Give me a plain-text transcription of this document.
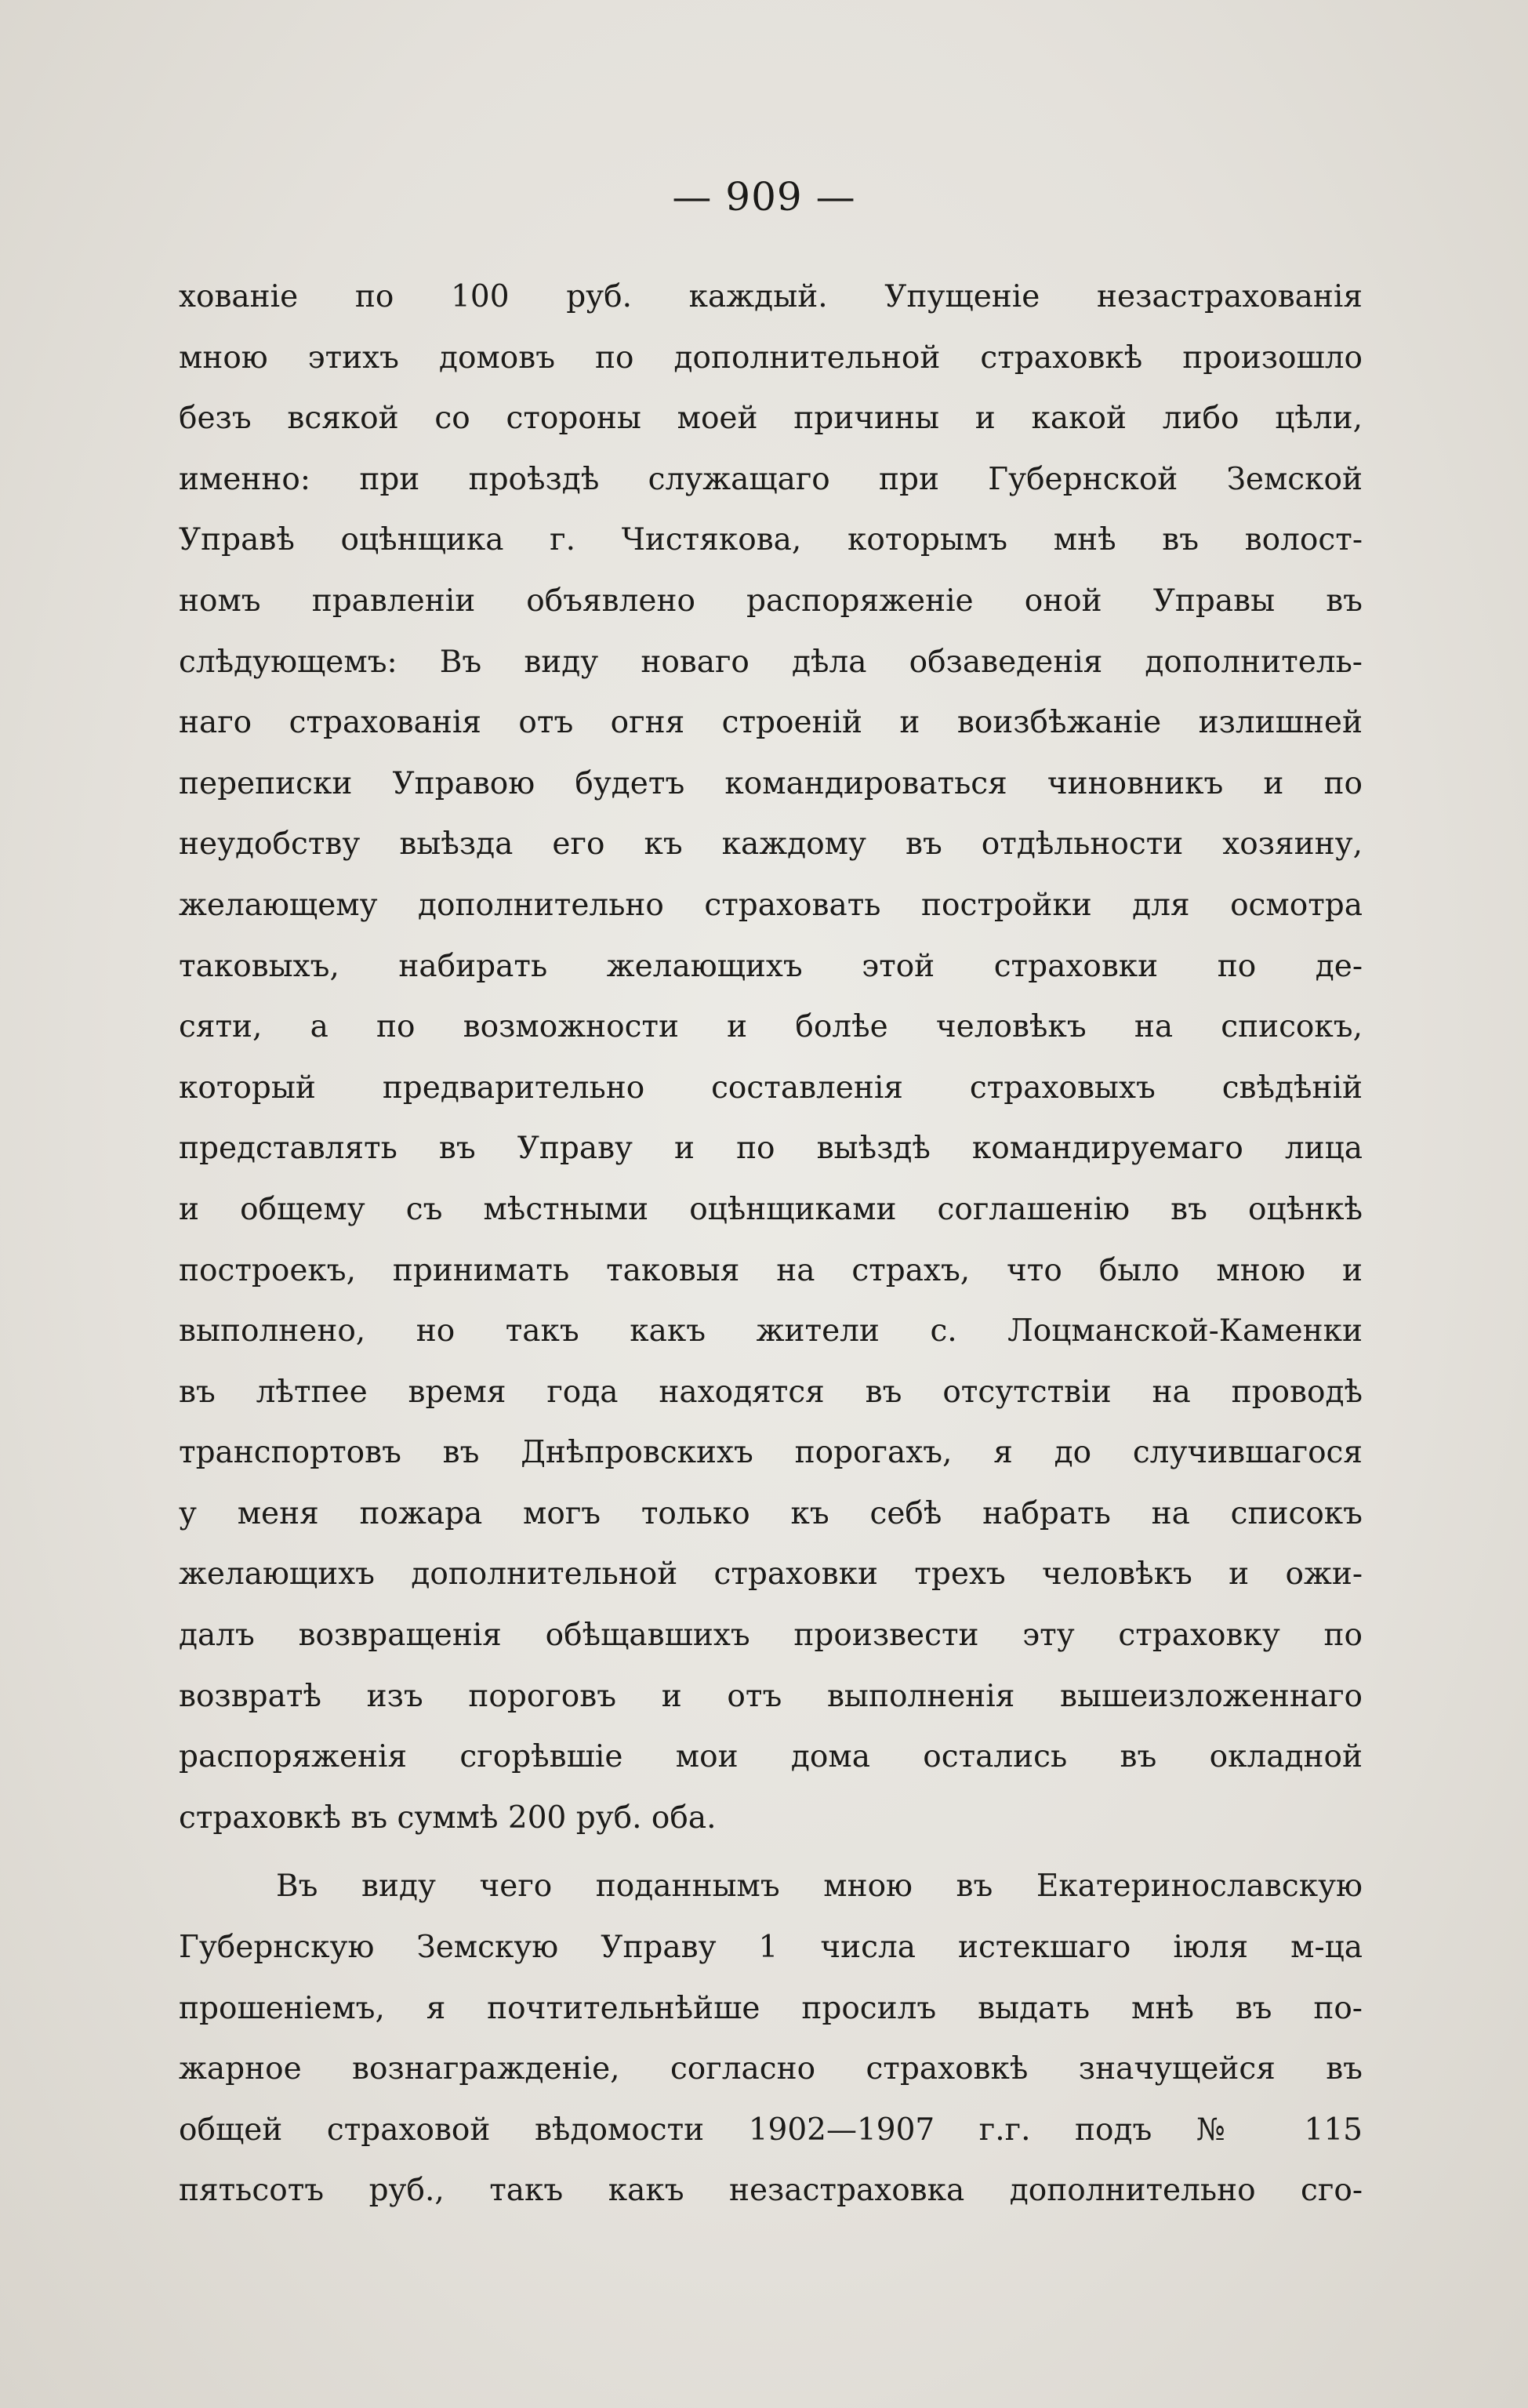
— 909 —
хованіе по 100 руб. каждый. Упущеніе незастрахованія
мною этихъ домовъ по дополнительной страховкѣ произошло
безъ всякой со стороны моей причины и какой либо цѣли,
именно: при проѣздѣ служащаго при Губернской Земской
Управѣ оцѣнщика г. Чистякова, которымъ мнѣ въ волост-
номъ правленіи объявлено распоряженіе оной Управы въ
слѣдующемъ: Въ виду новаго дѣла обзаведенія дополнитель-
наго страхованія отъ огня строеній и воизбѣжаніе излишней
переписки Управою будетъ командироваться чиновникъ и по
неудобству выѣзда его къ каждому въ отдѣльности хозяину,
желающему дополнительно страховать постройки для осмотра
таковыхъ, набирать желающихъ этой страховки по де-
сяти, а по возможности и болѣе человѣкъ на списокъ,
который предварительно составленія страховыхъ свѣдѣній
представлять въ Управу и по выѣздѣ командируемаго лица
и общему съ мѣстными оцѣнщиками соглашенію въ оцѣнкѣ
построекъ, принимать таковыя на страхъ, что было мною и
выполнено, но такъ какъ жители с. Лоцманской-Каменки
въ лѣтпее время года находятся въ отсутствіи на проводѣ
транспортовъ въ Днѣпровскихъ порогахъ, я до случившагося
у меня пожара могъ только къ себѣ набрать на списокъ
желающихъ дополнительной страховки трехъ человѣкъ и ожи-
далъ возвращенія обѣщавшихъ произвести эту страховку по
возвратѣ изъ пороговъ и отъ выполненія вышеизложеннаго
распоряженія сгорѣвшіе мои дома остались въ окладной
страховкѣ въ суммѣ 200 руб. оба.
Въ виду чего поданнымъ мною въ Екатеринославскую
Губернскую Земскую Управу 1 числа истекшаго іюля м-ца
прошеніемъ, я почтительнѣйше просилъ выдать мнѣ въ по-
жарное вознагражденіе, согласно страховкѣ значущейся въ
общей страховой вѣдомости 1902—1907 г.г. подъ № 115
пятьсотъ руб., такъ какъ незастраховка дополнительно сго-
